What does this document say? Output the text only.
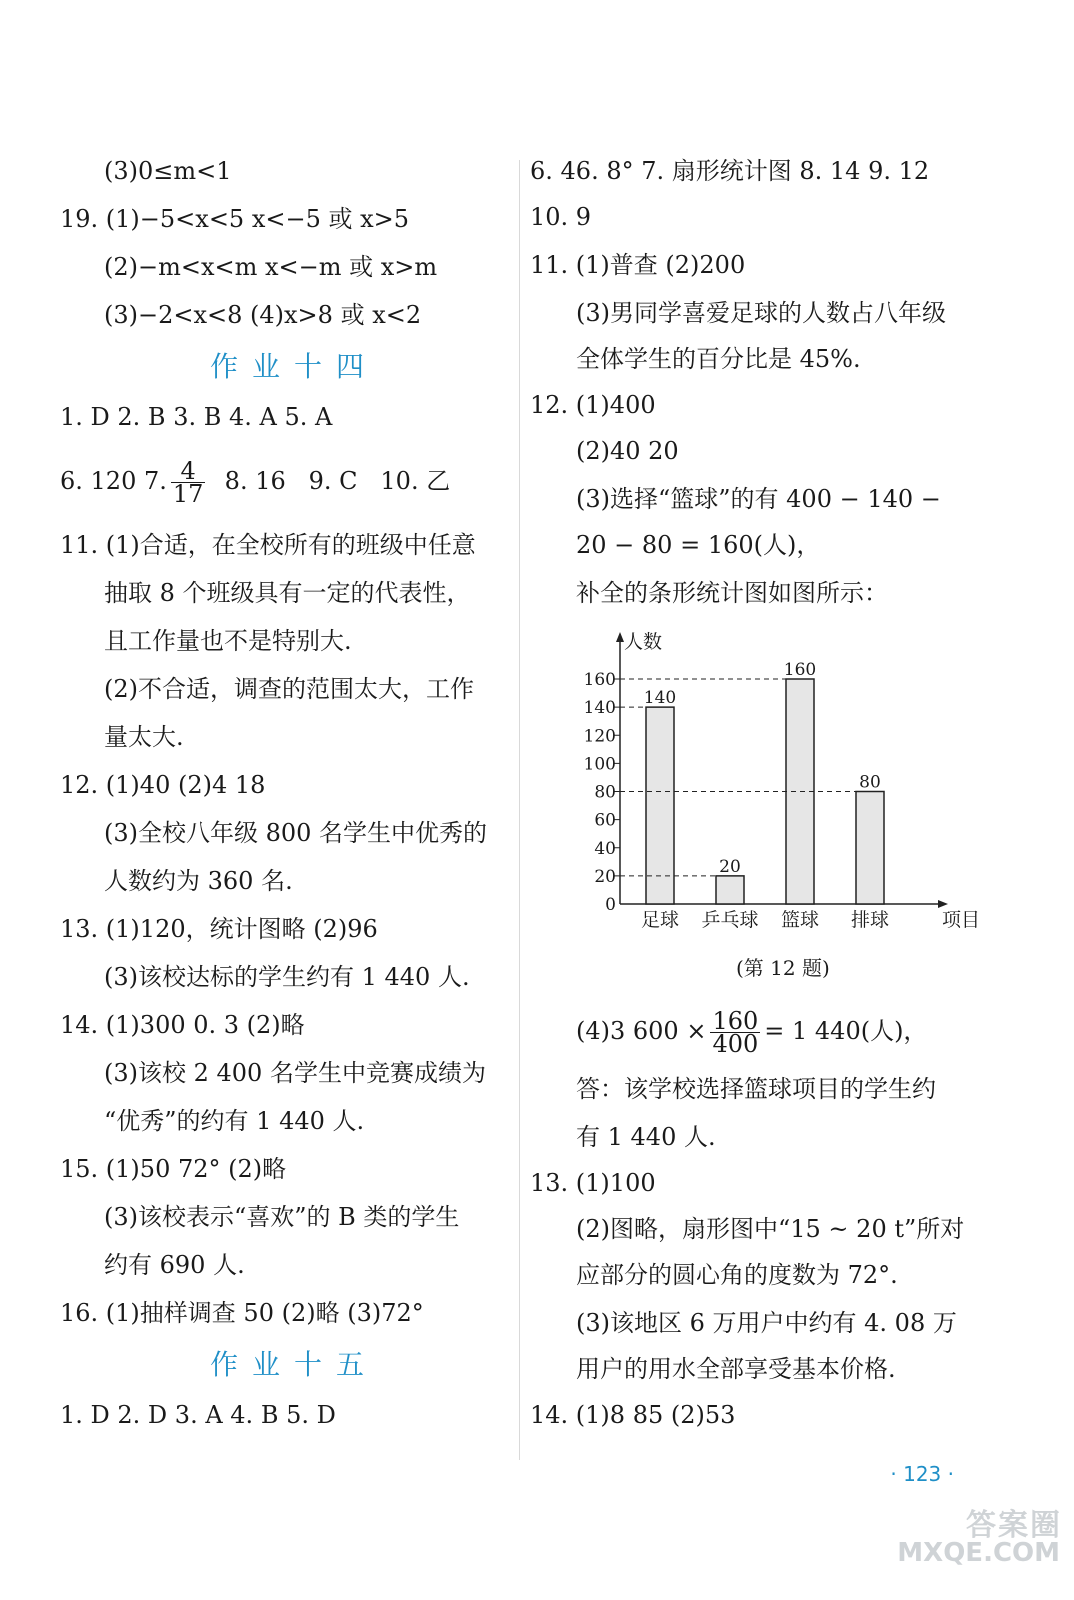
(3)0≤m<1
19. (1)−5<x<5 x<−5 或 x>5
(2)−m<x<m x<−m 或 x>m
(3)−2<x<8 (4)x>8 或 x<2
作业十四
1. D 2. B 3. B 4. A 5. A
6. 120 7. $\frac{4}{17} 8$. 16   9. C   10. 乙
11. (1)合适，在全校所有的班级中任意
抽取 8 个班级具有一定的代表性，
且工作量也不是特别大.
(2)不合适，调查的范围太大，工作
量太大.
12. (1)40 (2)4 18
(3)全校八年级 800 名学生中优秀的
人数约为 360 名.
13. (1)120，统计图略 (2)96
(3)该校达标的学生约有 1 440 人.
14. (1)300 0. 3 (2)略
(3)该校 2 400 名学生中竞赛成绩为
“优秀”的约有 1 440 人.
15. (1)50 72° (2)略
(3)该校表示“喜欢”的 B 类的学生
约有 690 人.
16. (1)抽样调查 50 (2)略 (3)72°
作业十五
1. D 2. D 3. A 4. B 5. D
6. 46. 8° 7. 扇形统计图 8. 14 9. 12
10. 9
11. (1)普查 (2)200
(3)男同学喜爱足球的人数占八年级
全体学生的百分比是 45%.
12. (1)400
(2)40 20
(3)选择“篮球”的有 400 − 140 −
20 − 80 = 160(人)，
补全的条形统计图如图所示：
0
20
40
60
80
100
120
140
160
人数
项目
140
足球
20
乒乓球
160
篮球
80
排球
(第 12 题)
(4)3 $600 \times \frac{160}{400} = 1$ 440(人)，
答：该学校选择篮球项目的学生约
有 1 440 人.
13. (1)100
(2)图略，扇形图中“15 ~ 20 t”所对
应部分的圆心角的度数为 72°.
(3)该地区 6 万用户中约有 4. 08 万
用户的用水全部享受基本价格.
14. (1)8 85 (2)53
· 123 ·
答案圈
MXQE.COM
